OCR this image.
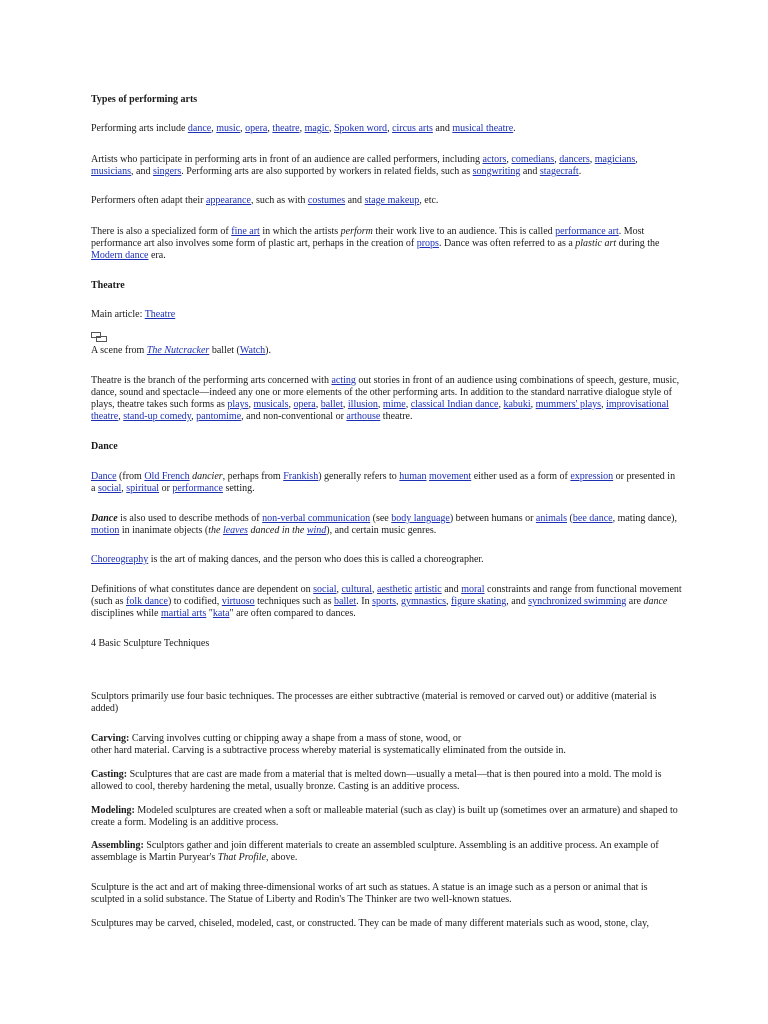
Types of performing arts

Performing arts include dance, music, opera, theatre, magic, Spoken word, circus arts and musical theatre.

Artists who participate in performing arts in front of an audience are called performers, including actors, comedians, dancers, magicians, musicians, and singers. Performing arts are also supported by workers in related fields, such as songwriting and stagecraft.

Performers often adapt their appearance, such as with costumes and stage makeup, etc.

There is also a specialized form of fine art in which the artists perform their work live to an audience. This is called performance art. Most performance art also involves some form of plastic art, perhaps in the creation of props. Dance was often referred to as a plastic art during the Modern dance era.

Theatre

Main article: Theatre

A scene from The Nutcracker ballet (Watch).

Theatre is the branch of the performing arts concerned with acting out stories in front of an audience using combinations of speech, gesture, music, dance, sound and spectacle—indeed any one or more elements of the other performing arts. In addition to the standard narrative dialogue style of plays, theatre takes such forms as plays, musicals, opera, ballet, illusion, mime, classical Indian dance, kabuki, mummers' plays, improvisational theatre, stand-up comedy, pantomime, and non-conventional or arthouse theatre.

Dance

Dance (from Old French dancier, perhaps from Frankish) generally refers to human movement either used as a form of expression or presented in a social, spiritual or performance setting.

Dance is also used to describe methods of non-verbal communication (see body language) between humans or animals (bee dance, mating dance), motion in inanimate objects (the leaves danced in the wind), and certain music genres.

Choreography is the art of making dances, and the person who does this is called a choreographer.

Definitions of what constitutes dance are dependent on social, cultural, aesthetic artistic and moral constraints and range from functional movement (such as folk dance) to codified, virtuoso techniques such as ballet. In sports, gymnastics, figure skating, and synchronized swimming are dance disciplines while martial arts "kata" are often compared to dances.

4 Basic Sculpture Techniques

Sculptors primarily use four basic techniques. The processes are either subtractive (material is removed or carved out) or additive (material is added)

Carving: Carving involves cutting or chipping away a shape from a mass of stone, wood, or
other hard material. Carving is a subtractive process whereby material is systematically eliminated from the outside in.

Casting: Sculptures that are cast are made from a material that is melted down—usually a metal—that is then poured into a mold. The mold is allowed to cool, thereby hardening the metal, usually bronze. Casting is an additive process.

Modeling: Modeled sculptures are created when a soft or malleable material (such as clay) is built up (sometimes over an armature) and shaped to create a form. Modeling is an additive process.

Assembling: Sculptors gather and join different materials to create an assembled sculpture. Assembling is an additive process. An example of assemblage is Martin Puryear's That Profile, above.

Sculpture is the act and art of making three-dimensional works of art such as statues. A statue is an image such as a person or animal that is sculpted in a solid substance. The Statue of Liberty and Rodin's The Thinker are two well-known statues.

Sculptures may be carved, chiseled, modeled, cast, or constructed. They can be made of many different materials such as wood, stone, clay,
